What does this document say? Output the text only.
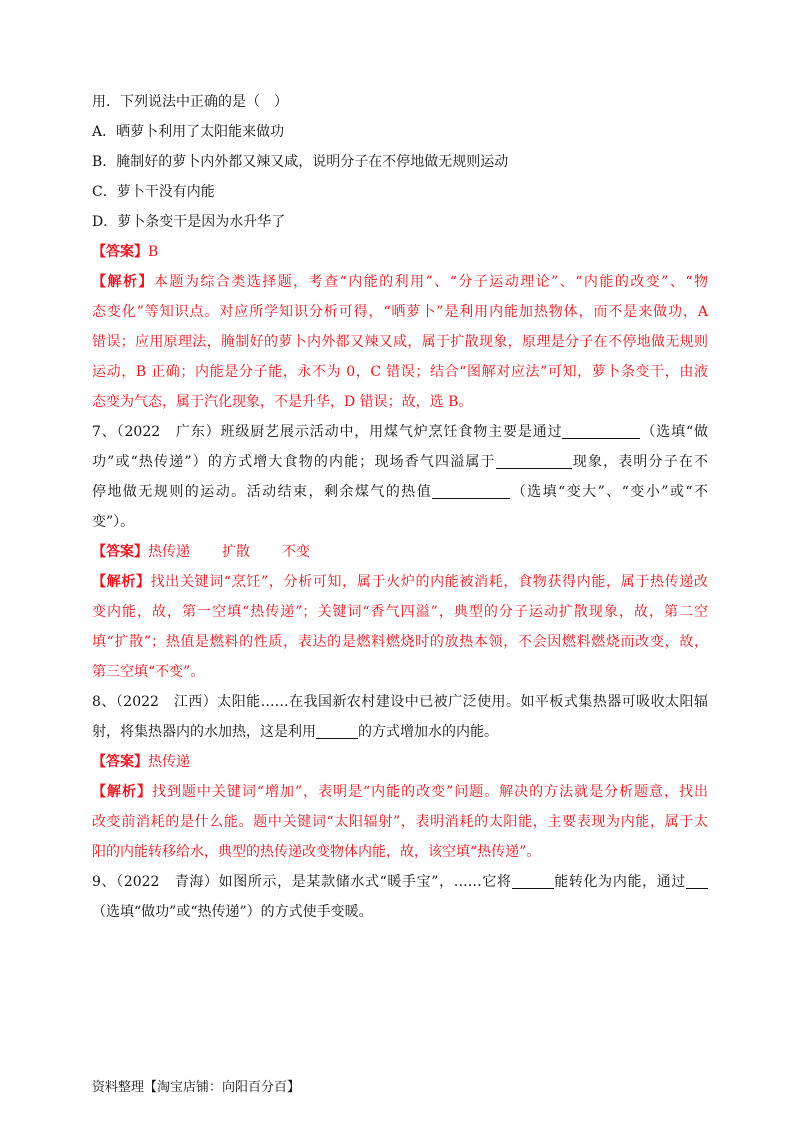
用．下列说法中正确的是（　）
A．晒萝卜利用了太阳能来做功
B．腌制好的萝卜内外都又辣又咸，说明分子在不停地做无规则运动
C．萝卜干没有内能
D．萝卜条变干是因为水升华了
【答案】B
【解析】本题为综合类选择题，考查“内能的利用”、“分子运动理论”、“内能的改变”、“物
态变化”等知识点。对应所学知识分析可得，“晒萝卜”是利用内能加热物体，而不是来做功，A
错误；应用原理法，腌制好的萝卜内外都又辣又咸，属于扩散现象，原理是分子在不停地做无规则
运动，B 正确；内能是分子能，永不为 0，C 错误；结合“图解对应法”可知，萝卜条变干，由液
态变为气态，属于汽化现象，不是升华，D 错误；故，选 B。
7、（2022　广东）班级厨艺展示活动中，用煤气炉烹饪食物主要是通过	（选填“做
功”或“热传递”）的方式增大食物的内能；现场香气四溢属于	现象，表明分子在不
停地做无规则的运动。活动结束，剩余煤气的热值	（选填“变大”、“变小”或“不
变”）。
【答案】热传递 扩散 不变
【解析】找出关键词“烹饪”，分析可知，属于火炉的内能被消耗，食物获得内能，属于热传递改
变内能，故，第一空填“热传递”；关键词“香气四溢”，典型的分子运动扩散现象，故，第二空
填“扩散”；热值是燃料的性质，表达的是燃料燃烧时的放热本领，不会因燃料燃烧而改变，故，
第三空填“不变”。
8、（2022　江西）太阳能……在我国新农村建设中已被广泛使用。如平板式集热器可吸收太阳辐
射，将集热器内的水加热，这是利用	的方式增加水的内能。
【答案】热传递
【解析】找到题中关键词“增加”，表明是“内能的改变”问题。解决的方法就是分析题意，找出
改变前消耗的是什么能。题中关键词“太阳辐射”，表明消耗的太阳能，主要表现为内能，属于太
阳的内能转移给水，典型的热传递改变物体内能，故，该空填“热传递”。
9、（2022　青海）如图所示，是某款储水式“暖手宝”，……它将	能转化为内能，通过
（选填“做功”或“热传递”）的方式使手变暖。
资料整理【淘宝店铺：向阳百分百】
